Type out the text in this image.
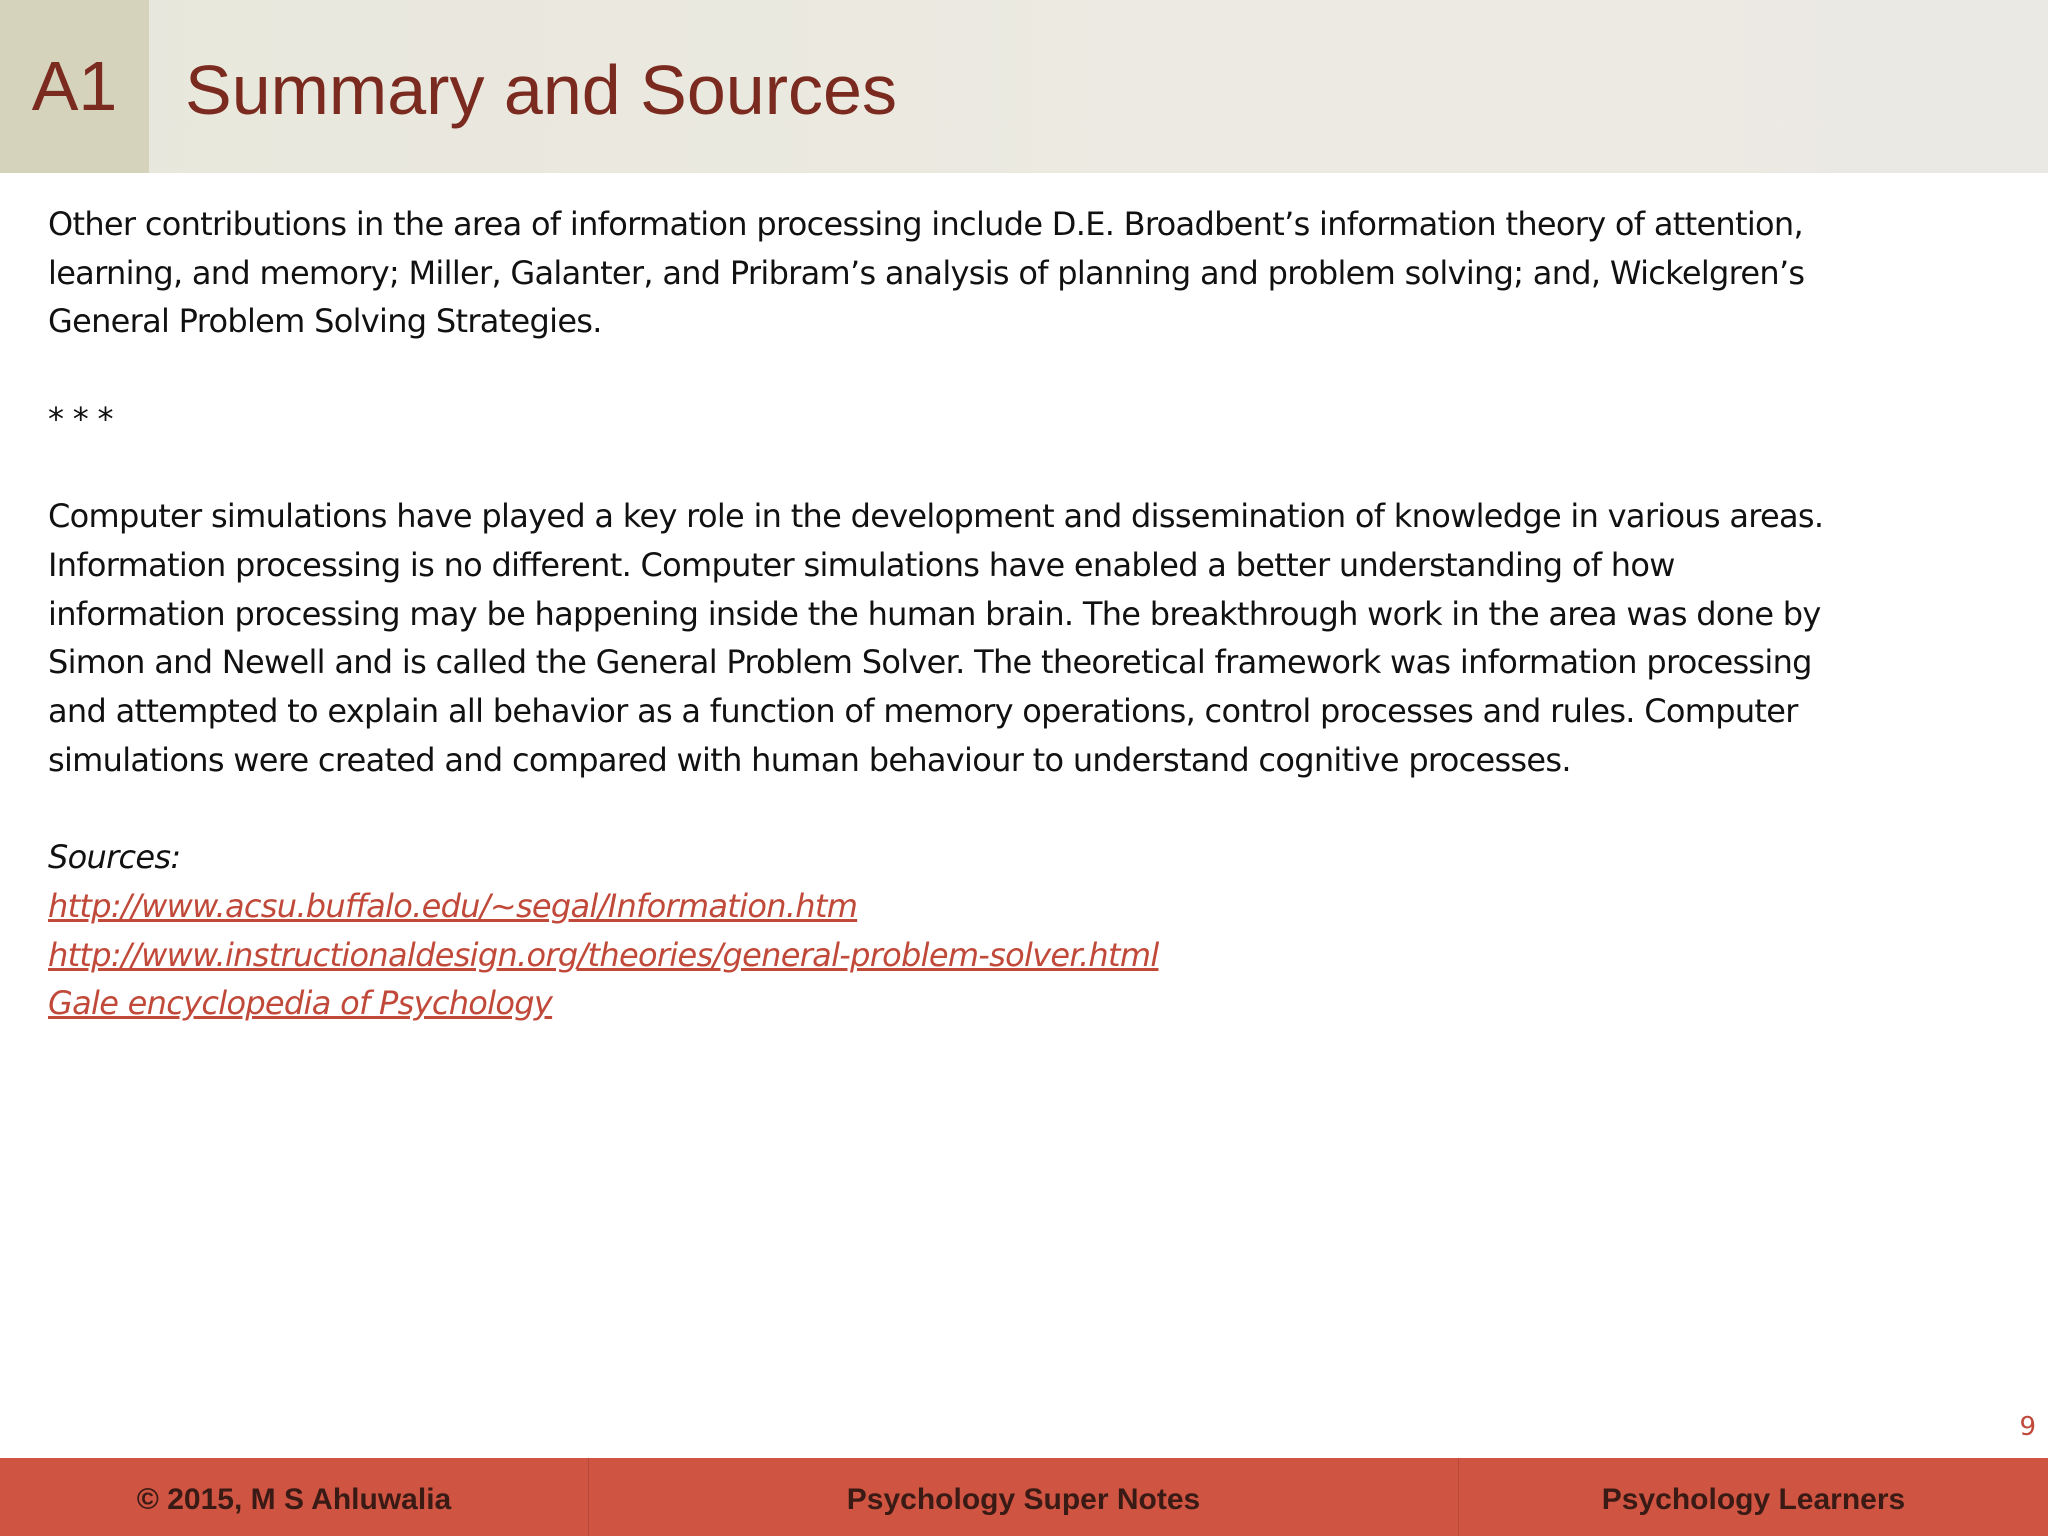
A1 Summary and Sources

Other contributions in the area of information processing include D.E. Broadbent’s information theory of attention,

learning, and memory; Miller, Galanter, and Pribram’s analysis of planning and problem solving; and, Wickelgren’s

General Problem Solving Strategies.

* * *

Computer simulations have played a key role in the development and dissemination of knowledge in various areas.

Information processing is no different. Computer simulations have enabled a better understanding of how

information processing may be happening inside the human brain. The breakthrough work in the area was done by

Simon and Newell and is called the General Problem Solver. The theoretical framework was information processing

and attempted to explain all behavior as a function of memory operations, control processes and rules. Computer

simulations were created and compared with human behaviour to understand cognitive processes.

Sources:

http://www.acsu.buffalo.edu/~segal/Information.htm
http://www.instructionaldesign.org/theories/general-problem-solver.html
Gale encyclopedia of Psychology
9
© 2015, M S Ahluwalia	Psychology Super Notes	Psychology Learners
